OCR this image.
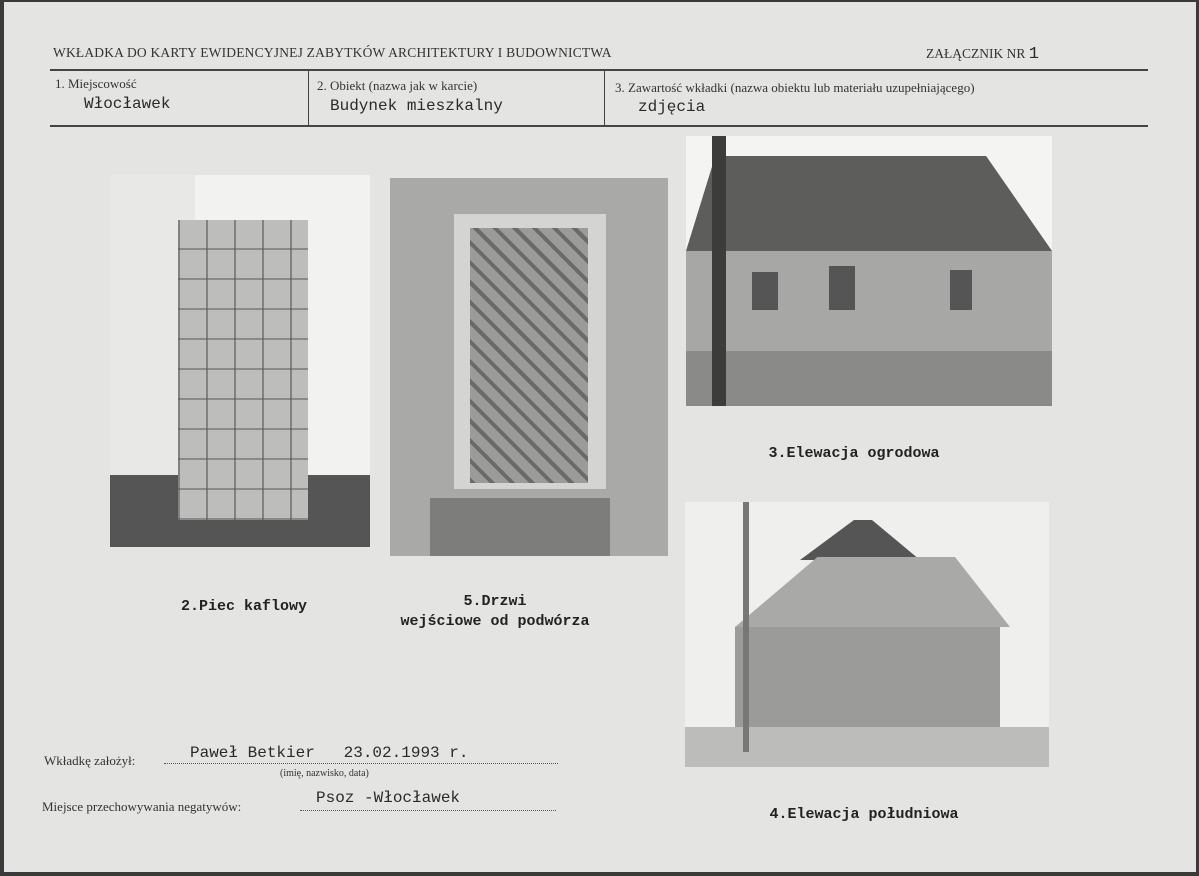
WKŁADKA DO KARTY EWIDENCYJNEJ ZABYTKÓW ARCHITEKTURY I BUDOWNICTWA	ZAŁĄCZNIK NR 1
1. Miejscowość
Włocławek
2. Obiekt (nazwa jak w karcie)
Budynek mieszkalny
3. Zawartość wkładki (nazwa obiektu lub materiału uzupełniającego)
zdjęcia
2.Piec kaflowy	5.Drzwi
wejściowe od podwórza
3.Elewacja ogrodowa
4.Elewacja południowa
Wkładkę założył:	Paweł Betkier   23.02.1993 r.
(imię, nazwisko, data)
Miejsce przechowywania negatywów:	Psoz -Włocławek
